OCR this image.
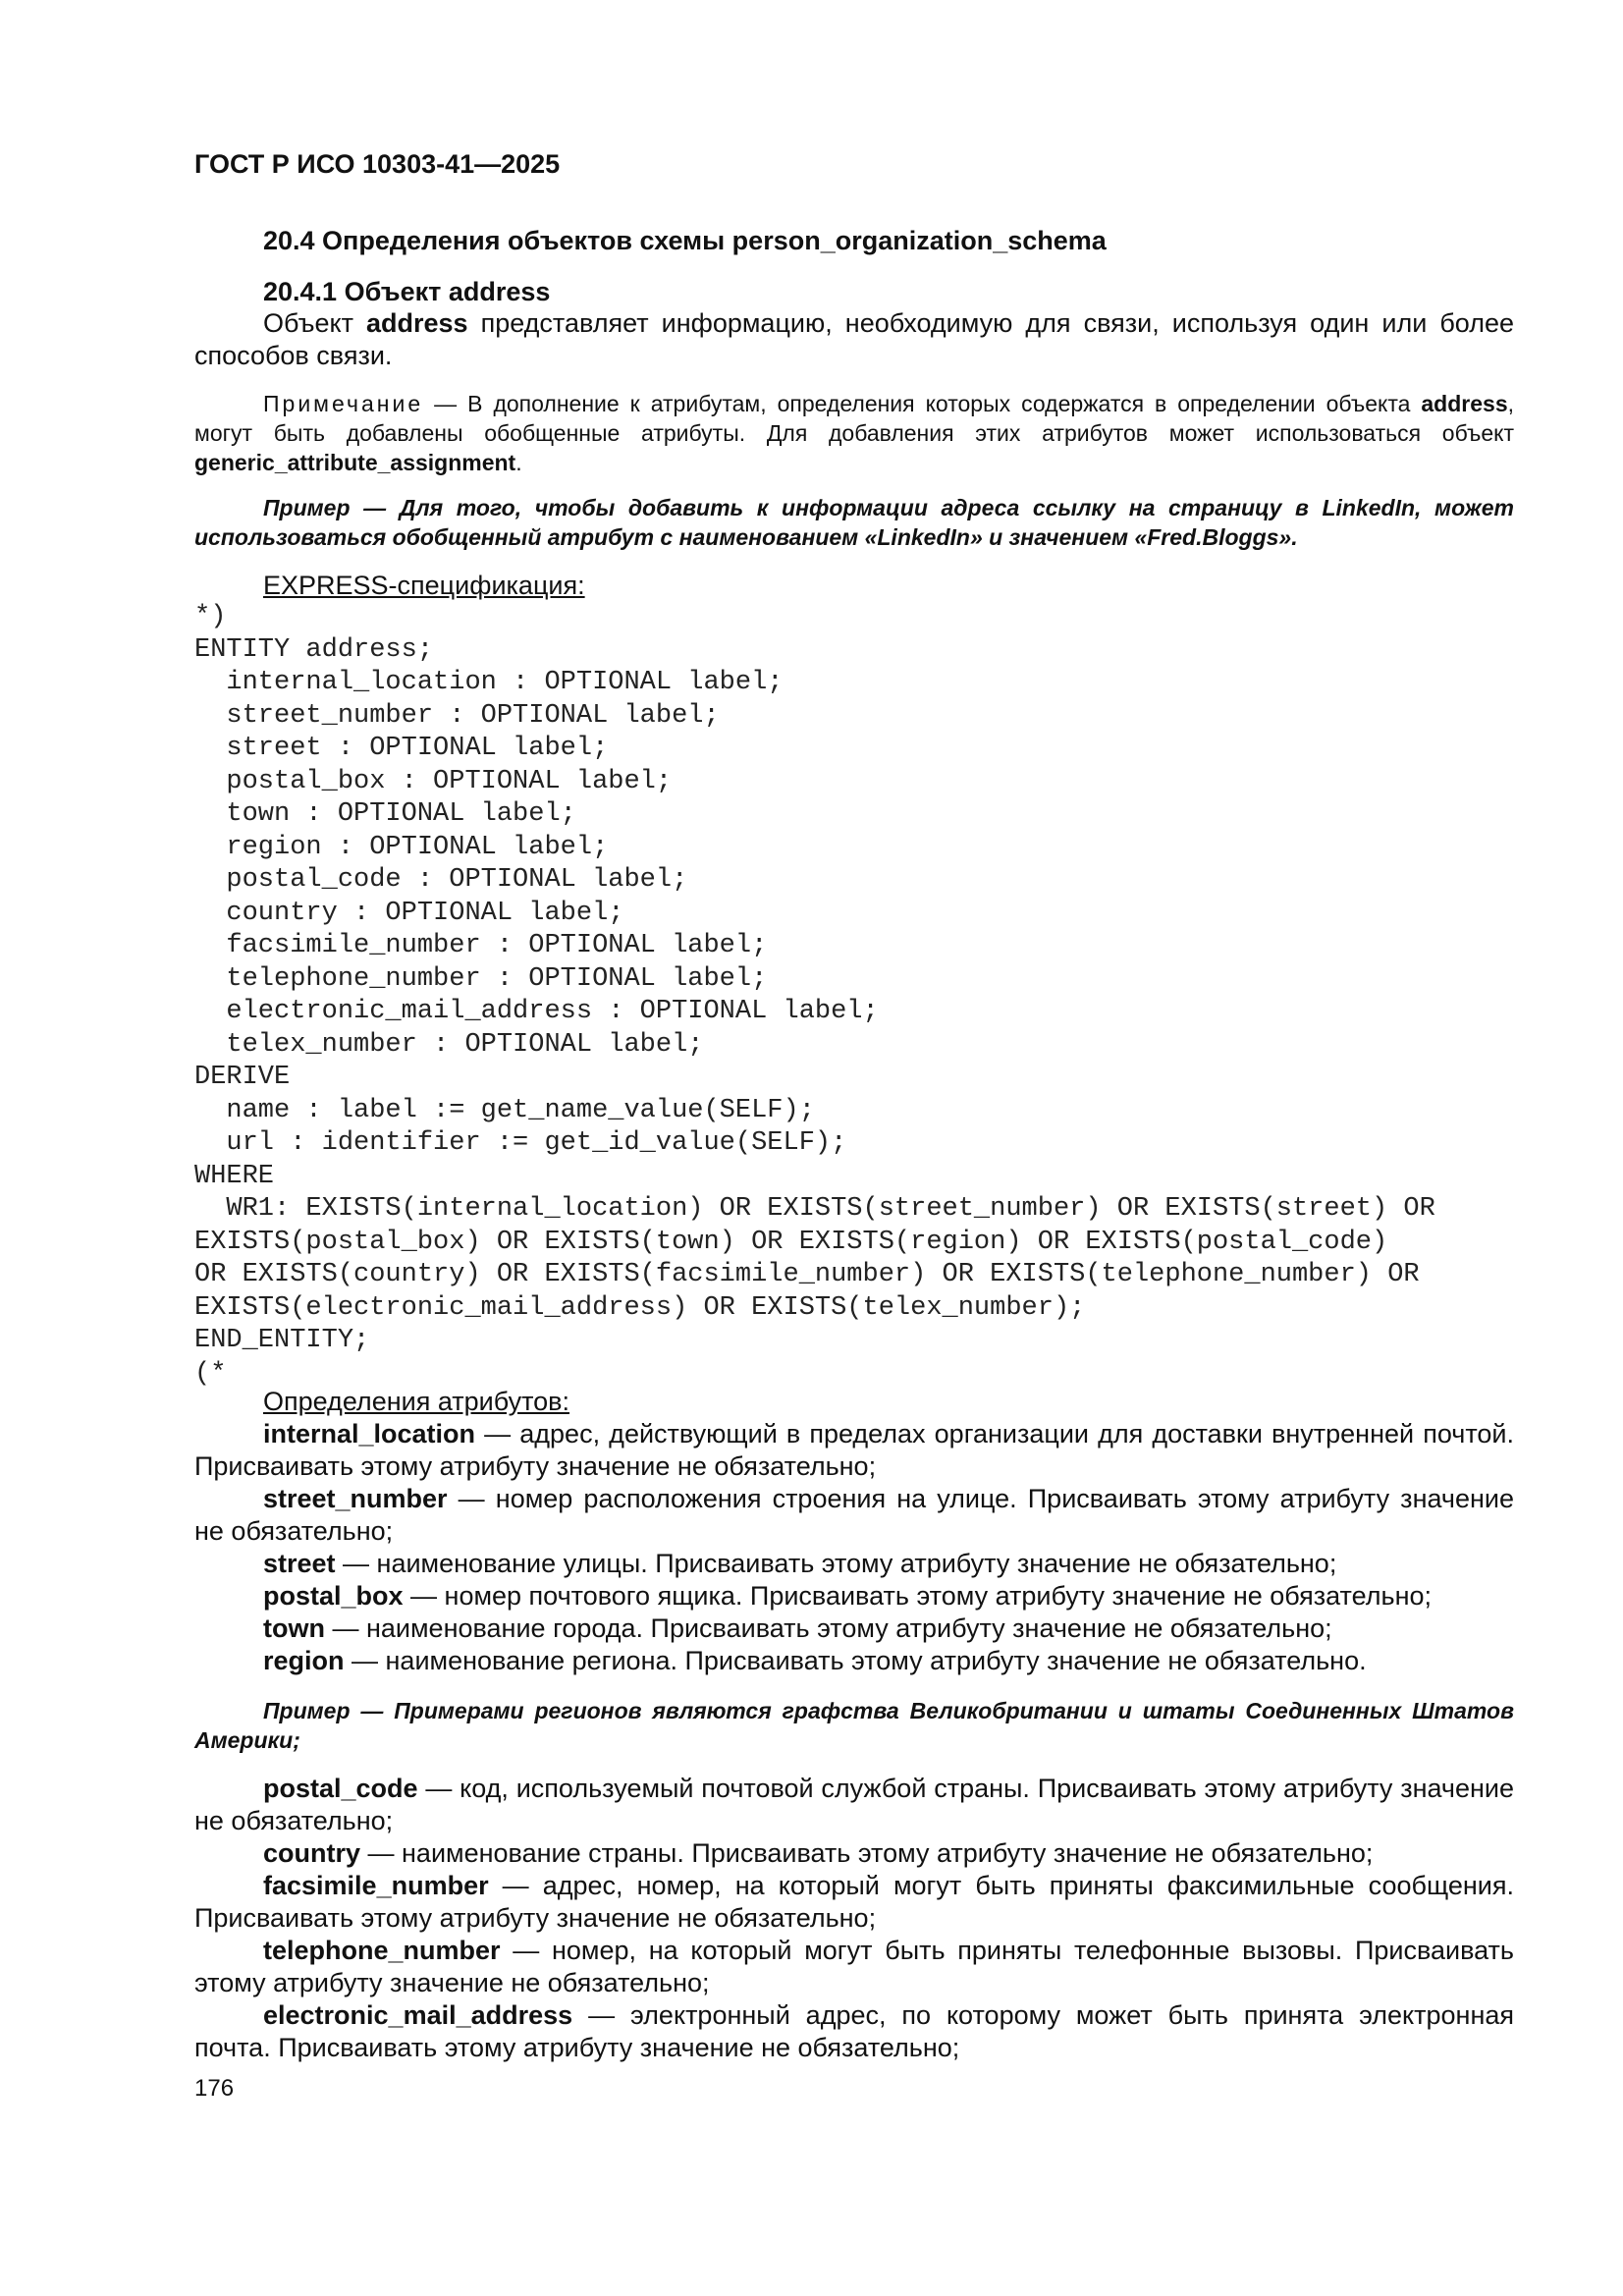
ГОСТ Р ИСО 10303-41—2025
20.4 Определения объектов схемы person_organization_schema
20.4.1 Объект address
Объект address представляет информацию, необходимую для связи, используя один или более способов связи.
Примечание — В дополнение к атрибутам, определения которых содержатся в определении объекта address, могут быть добавлены обобщенные атрибуты. Для добавления этих атрибутов может использоваться объект generic_attribute_assignment.
Пример — Для того, чтобы добавить к информации адреса ссылку на страницу в LinkedIn, может использоваться обобщенный атрибут с наименованием «LinkedIn» и значением «Fred.Bloggs».
EXPRESS-спецификация:
*)
ENTITY address;
internal_location : OPTIONAL label;
street_number : OPTIONAL label;
street : OPTIONAL label;
postal_box : OPTIONAL label;
town : OPTIONAL label;
region : OPTIONAL label;
postal_code : OPTIONAL label;
country : OPTIONAL label;
facsimile_number : OPTIONAL label;
telephone_number : OPTIONAL label;
electronic_mail_address : OPTIONAL label;
telex_number : OPTIONAL label;
DERIVE
name : label := get_name_value(SELF);
url : identifier := get_id_value(SELF);
WHERE
WR1: EXISTS(internal_location) OR EXISTS(street_number) OR EXISTS(street) OR
EXISTS(postal_box) OR EXISTS(town) OR EXISTS(region) OR EXISTS(postal_code)
OR EXISTS(country) OR EXISTS(facsimile_number) OR EXISTS(telephone_number) OR
EXISTS(electronic_mail_address) OR EXISTS(telex_number);
END_ENTITY;
(*

Определения атрибутов:

internal_location — адрес, действующий в пределах организации для доставки внутренней почтой. Присваивать этому атрибуту значение не обязательно;

street_number — номер расположения строения на улице. Присваивать этому атрибуту значение не обязательно;

street — наименование улицы. Присваивать этому атрибуту значение не обязательно;

postal_box — номер почтового ящика. Присваивать этому атрибуту значение не обязательно;

town — наименование города. Присваивать этому атрибуту значение не обязательно;

region — наименование региона. Присваивать этому атрибуту значение не обязательно.

Пример — Примерами регионов являются графства Великобритании и штаты Соединенных Штатов Америки;

postal_code — код, используемый почтовой службой страны. Присваивать этому атрибуту значение не обязательно;

country — наименование страны. Присваивать этому атрибуту значение не обязательно;

facsimile_number — адрес, номер, на который могут быть приняты факсимильные сообщения. Присваивать этому атрибуту значение не обязательно;

telephone_number — номер, на который могут быть приняты телефонные вызовы. Присваивать этому атрибуту значение не обязательно;

electronic_mail_address — электронный адрес, по которому может быть принята электронная почта. Присваивать этому атрибуту значение не обязательно;

176
